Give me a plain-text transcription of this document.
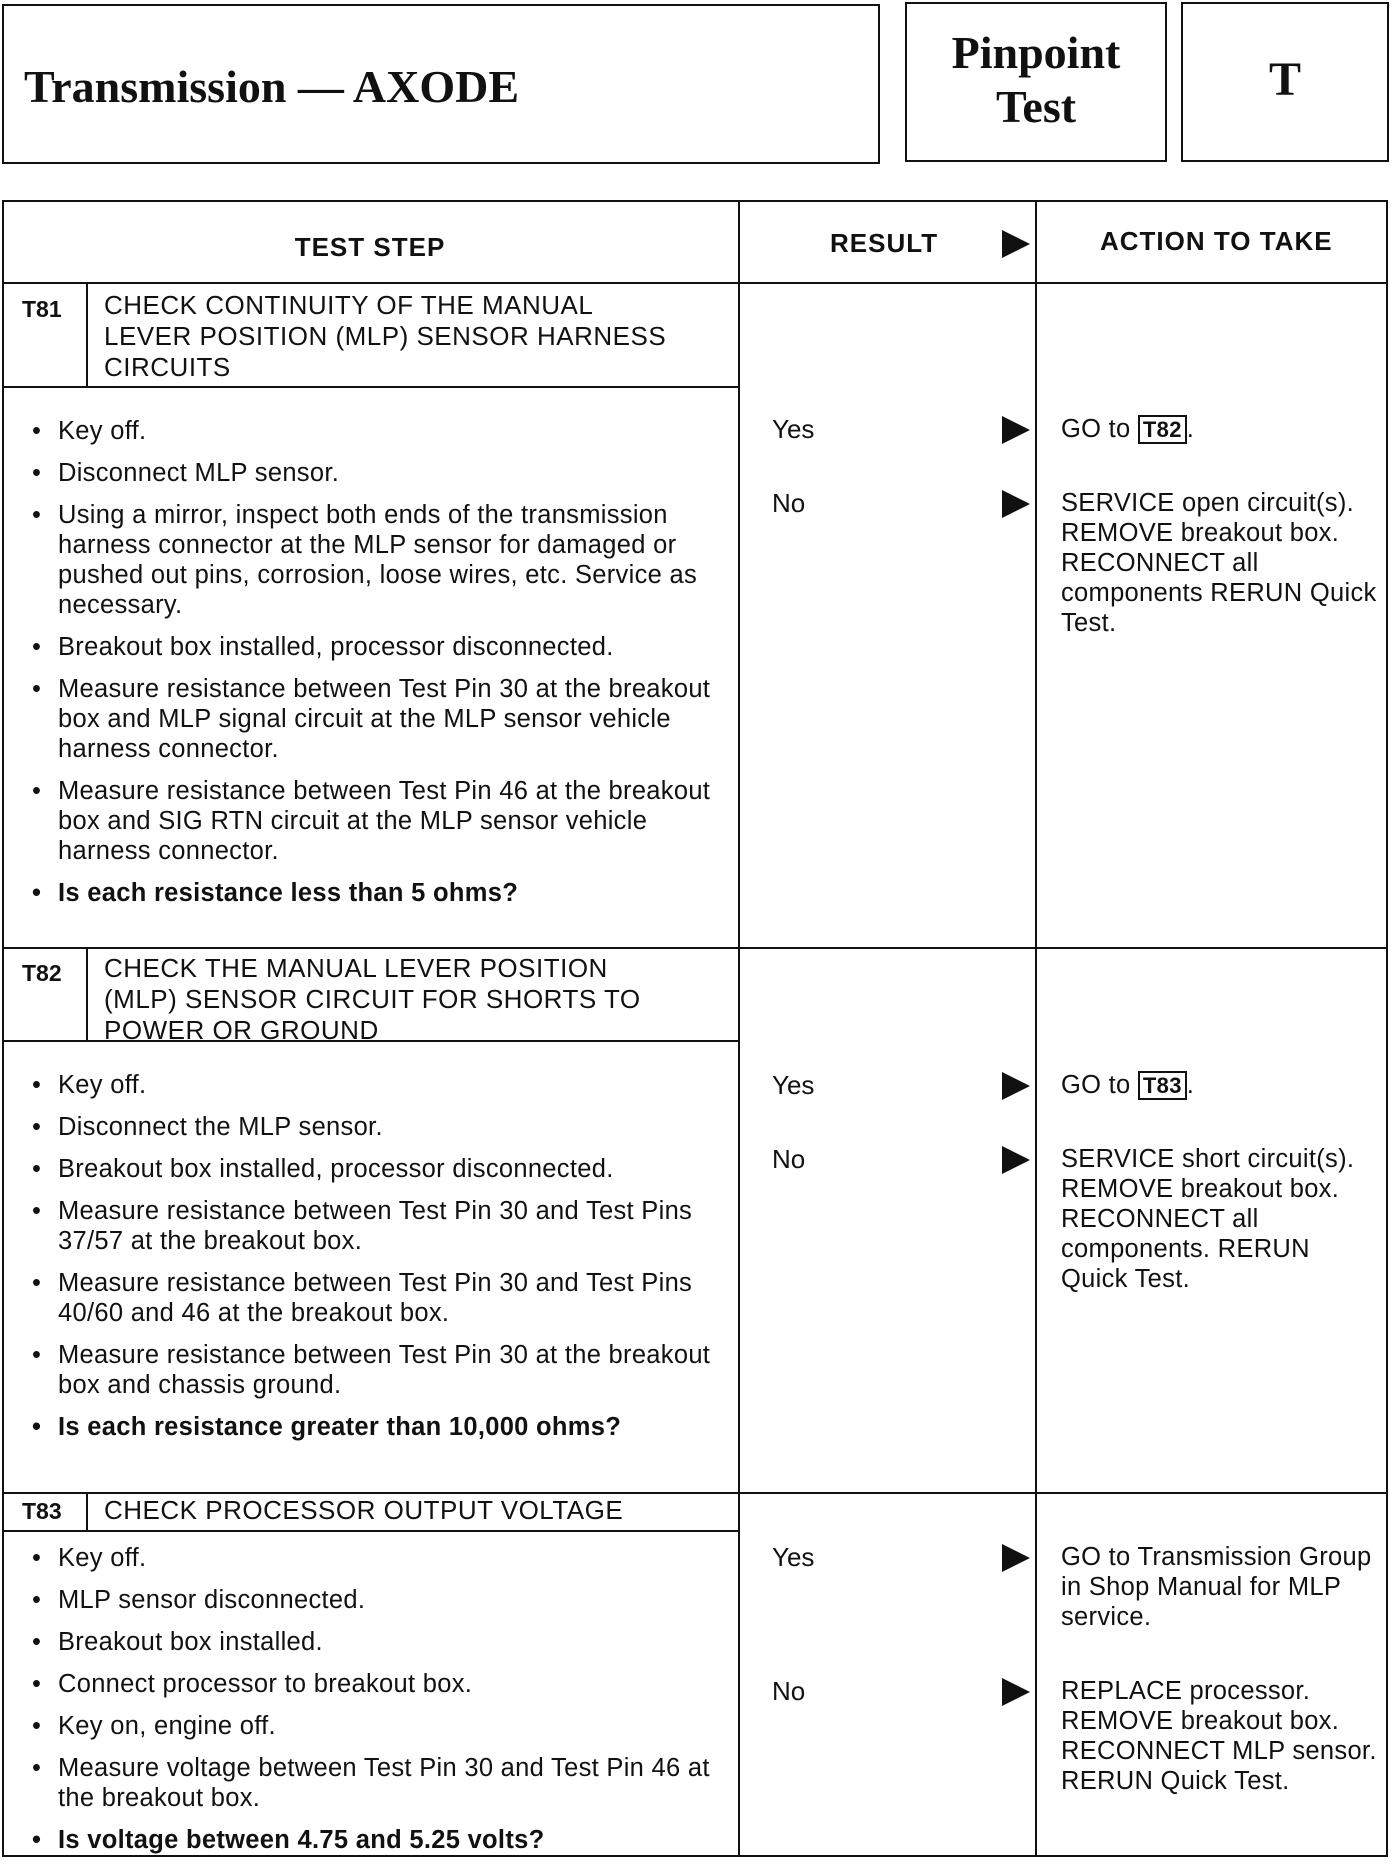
Transmission — AXODE
Pinpoint
Test
T
TEST STEP	RESULT	ACTION TO TAKE
T81 CHECK CONTINUITY OF THE MANUAL
LEVER POSITION (MLP) SENSOR HARNESS
CIRCUITS
• Key off.
• Disconnect MLP sensor.
• Using a mirror, inspect both ends of the transmission harness connector at the MLP sensor for damaged or pushed out pins, corrosion, loose wires, etc. Service as necessary.
• Breakout box installed, processor disconnected.
• Measure resistance between Test Pin 30 at the breakout box and MLP signal circuit at the MLP sensor vehicle harness connector.
• Measure resistance between Test Pin 46 at the breakout box and SIG RTN circuit at the MLP sensor vehicle harness connector.
• Is each resistance less than 5 ohms?
Yes
No
GO to T82 .
SERVICE open circuit(s). REMOVE breakout box. RECONNECT all components RERUN Quick Test.
T82 CHECK THE MANUAL LEVER POSITION
(MLP) SENSOR CIRCUIT FOR SHORTS TO
POWER OR GROUND
• Key off.
• Disconnect the MLP sensor.
• Breakout box installed, processor disconnected.
• Measure resistance between Test Pin 30 and Test Pins 37/57 at the breakout box.
• Measure resistance between Test Pin 30 and Test Pins 40/60 and 46 at the breakout box.
• Measure resistance between Test Pin 30 at the breakout box and chassis ground.
• Is each resistance greater than 10,000 ohms?
Yes
No
GO to T83 .
SERVICE short circuit(s). REMOVE breakout box. RECONNECT all components. RERUN Quick Test.
T83 CHECK PROCESSOR OUTPUT VOLTAGE
• Key off.
• MLP sensor disconnected.
• Breakout box installed.
• Connect processor to breakout box.
• Key on, engine off.
• Measure voltage between Test Pin 30 and Test Pin 46 at the breakout box.
• Is voltage between 4.75 and 5.25 volts?
Yes
No
GO to Transmission Group in Shop Manual for MLP service.
REPLACE processor. REMOVE breakout box. RECONNECT MLP sensor. RERUN Quick Test.
